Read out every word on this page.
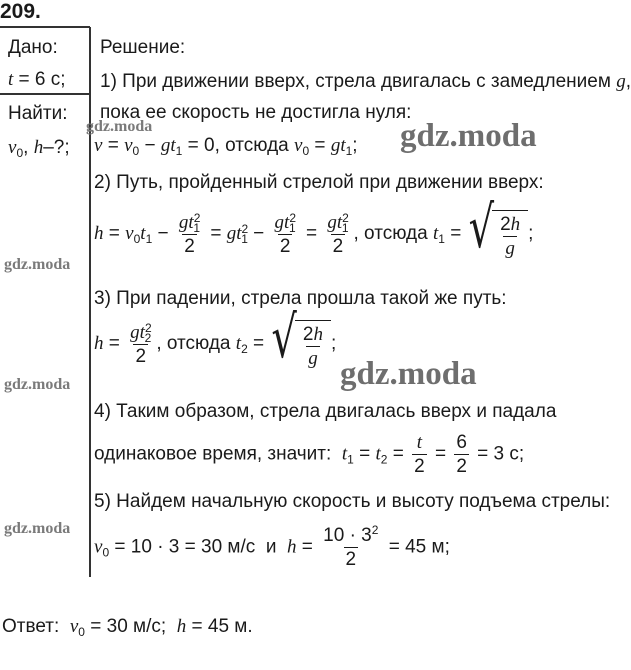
209.
Дано:
t = 6 с;
Найти:
$v_0$, h–?;
Решение:
1) При движении вверх, стрела двигалась с замедлением g,
пока ее скорость не достигла нуля:
$v = v_0 - gt_1 = 0$, отсюда $v_0 = gt_1$;
2) Путь, пройденный стрелой при движении вверх:
$h = v_0t_1 - \frac{gt^2_1}{2} = gt^2_1 - \frac{gt^2_1}{2} = \frac{gt^2_1}{2}$ , отсюда $t_1$ = √ $\frac{2h}{g}$ ;
3) При падении, стрела прошла такой же путь:
$h = \frac{gt^2_2}{2}$ , отсюда $t_2$ = √ $\frac{2h}{g}$ ;
4) Таким образом, стрела двигалась вверх и падала
одинаковое время, значит:  $t_1 = t_2 = \frac{t}{2} = \frac{6}{2} = 3$ с;
5) Найдем начальную скорость и высоту подъема стрелы:
$v_0 = 10 \cdot 3 = 30$ м/с  и  $h = \frac{10 \cdot 3^2}{2} = 45$ м;
Ответ:  $v_0 = 30$ м/с;  h = 45 м.
gdz.moda	gdz.moda
gdz.moda
gdz.moda
gdz.moda
gdz.moda
